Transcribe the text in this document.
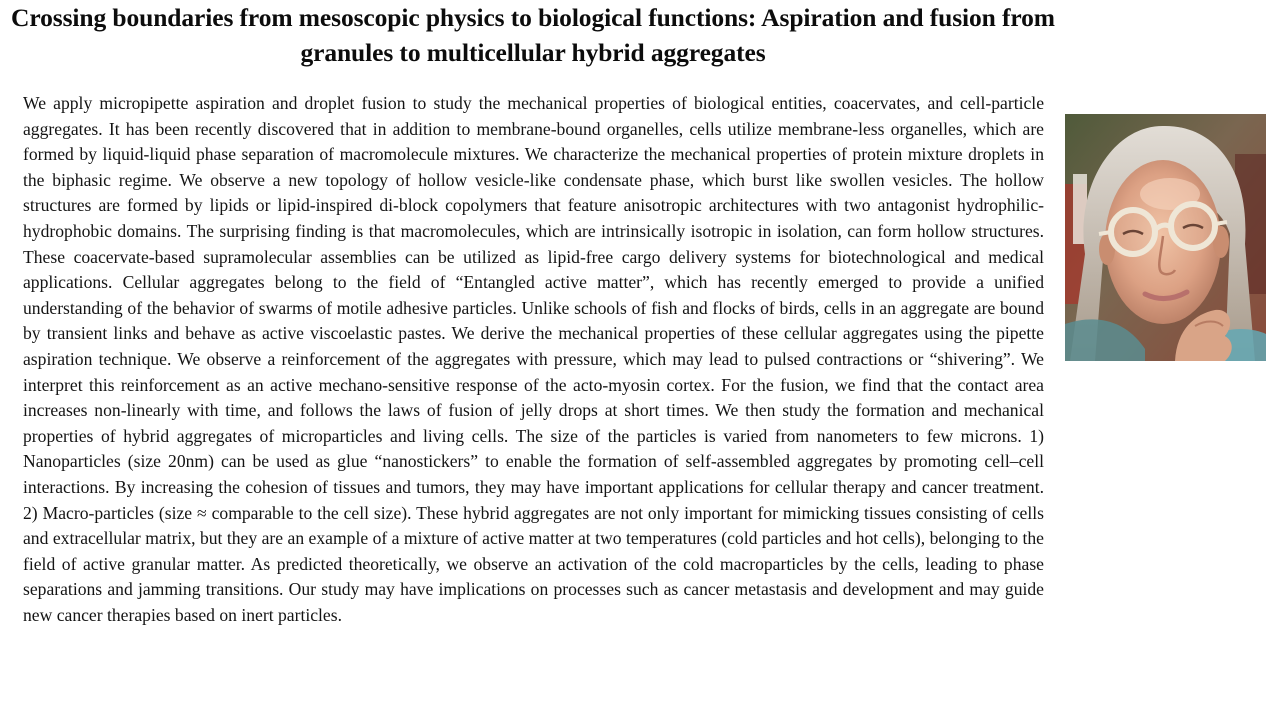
Crossing boundaries from mesoscopic physics to biological functions: Aspiration and fusion from granules to multicellular hybrid aggregates

We apply micropipette aspiration and droplet fusion to study the mechanical properties of biological entities, coacervates, and cell-particle aggregates. It has been recently discovered that in addition to membrane-bound organelles, cells utilize membrane-less organelles, which are formed by liquid-liquid phase separation of macromolecule mixtures. We characterize the mechanical properties of protein mixture droplets in the biphasic regime. We observe a new topology of hollow vesicle-like condensate phase, which burst like swollen vesicles. The hollow structures are formed by lipids or lipid-inspired di-block copolymers that feature anisotropic architectures with two antagonist hydrophilic-hydrophobic domains. The surprising finding is that macromolecules, which are intrinsically isotropic in isolation, can form hollow structures. These coacervate-based supramolecular assemblies can be utilized as lipid-free cargo delivery systems for biotechnological and medical applications. Cellular aggregates belong to the field of “Entangled active matter”, which has recently emerged to provide a unified understanding of the behavior of swarms of motile adhesive particles. Unlike schools of fish and flocks of birds, cells in an aggregate are bound by transient links and behave as active viscoelastic pastes. We derive the mechanical properties of these cellular aggregates using the pipette aspiration technique. We observe a reinforcement of the aggregates with pressure, which may lead to pulsed contractions or “shivering”. We interpret this reinforcement as an active mechano-sensitive response of the acto-myosin cortex. For the fusion, we find that the contact area increases non-linearly with time, and follows the laws of fusion of jelly drops at short times. We then study the formation and mechanical properties of hybrid aggregates of microparticles and living cells. The size of the particles is varied from nanometers to few microns. 1) Nanoparticles (size 20nm) can be used as glue “nanostickers” to enable the formation of self-assembled aggregates by promoting cell–cell interactions. By increasing the cohesion of tissues and tumors, they may have important applications for cellular therapy and cancer treatment. 2) Macro-particles (size ≈ comparable to the cell size). These hybrid aggregates are not only important for mimicking tissues consisting of cells and extracellular matrix, but they are an example of a mixture of active matter at two temperatures (cold particles and hot cells), belonging to the field of active granular matter. As predicted theoretically, we observe an activation of the cold macroparticles by the cells, leading to phase separations and jamming transitions. Our study may have implications on processes such as cancer metastasis and development and may guide new cancer therapies based on inert particles.
